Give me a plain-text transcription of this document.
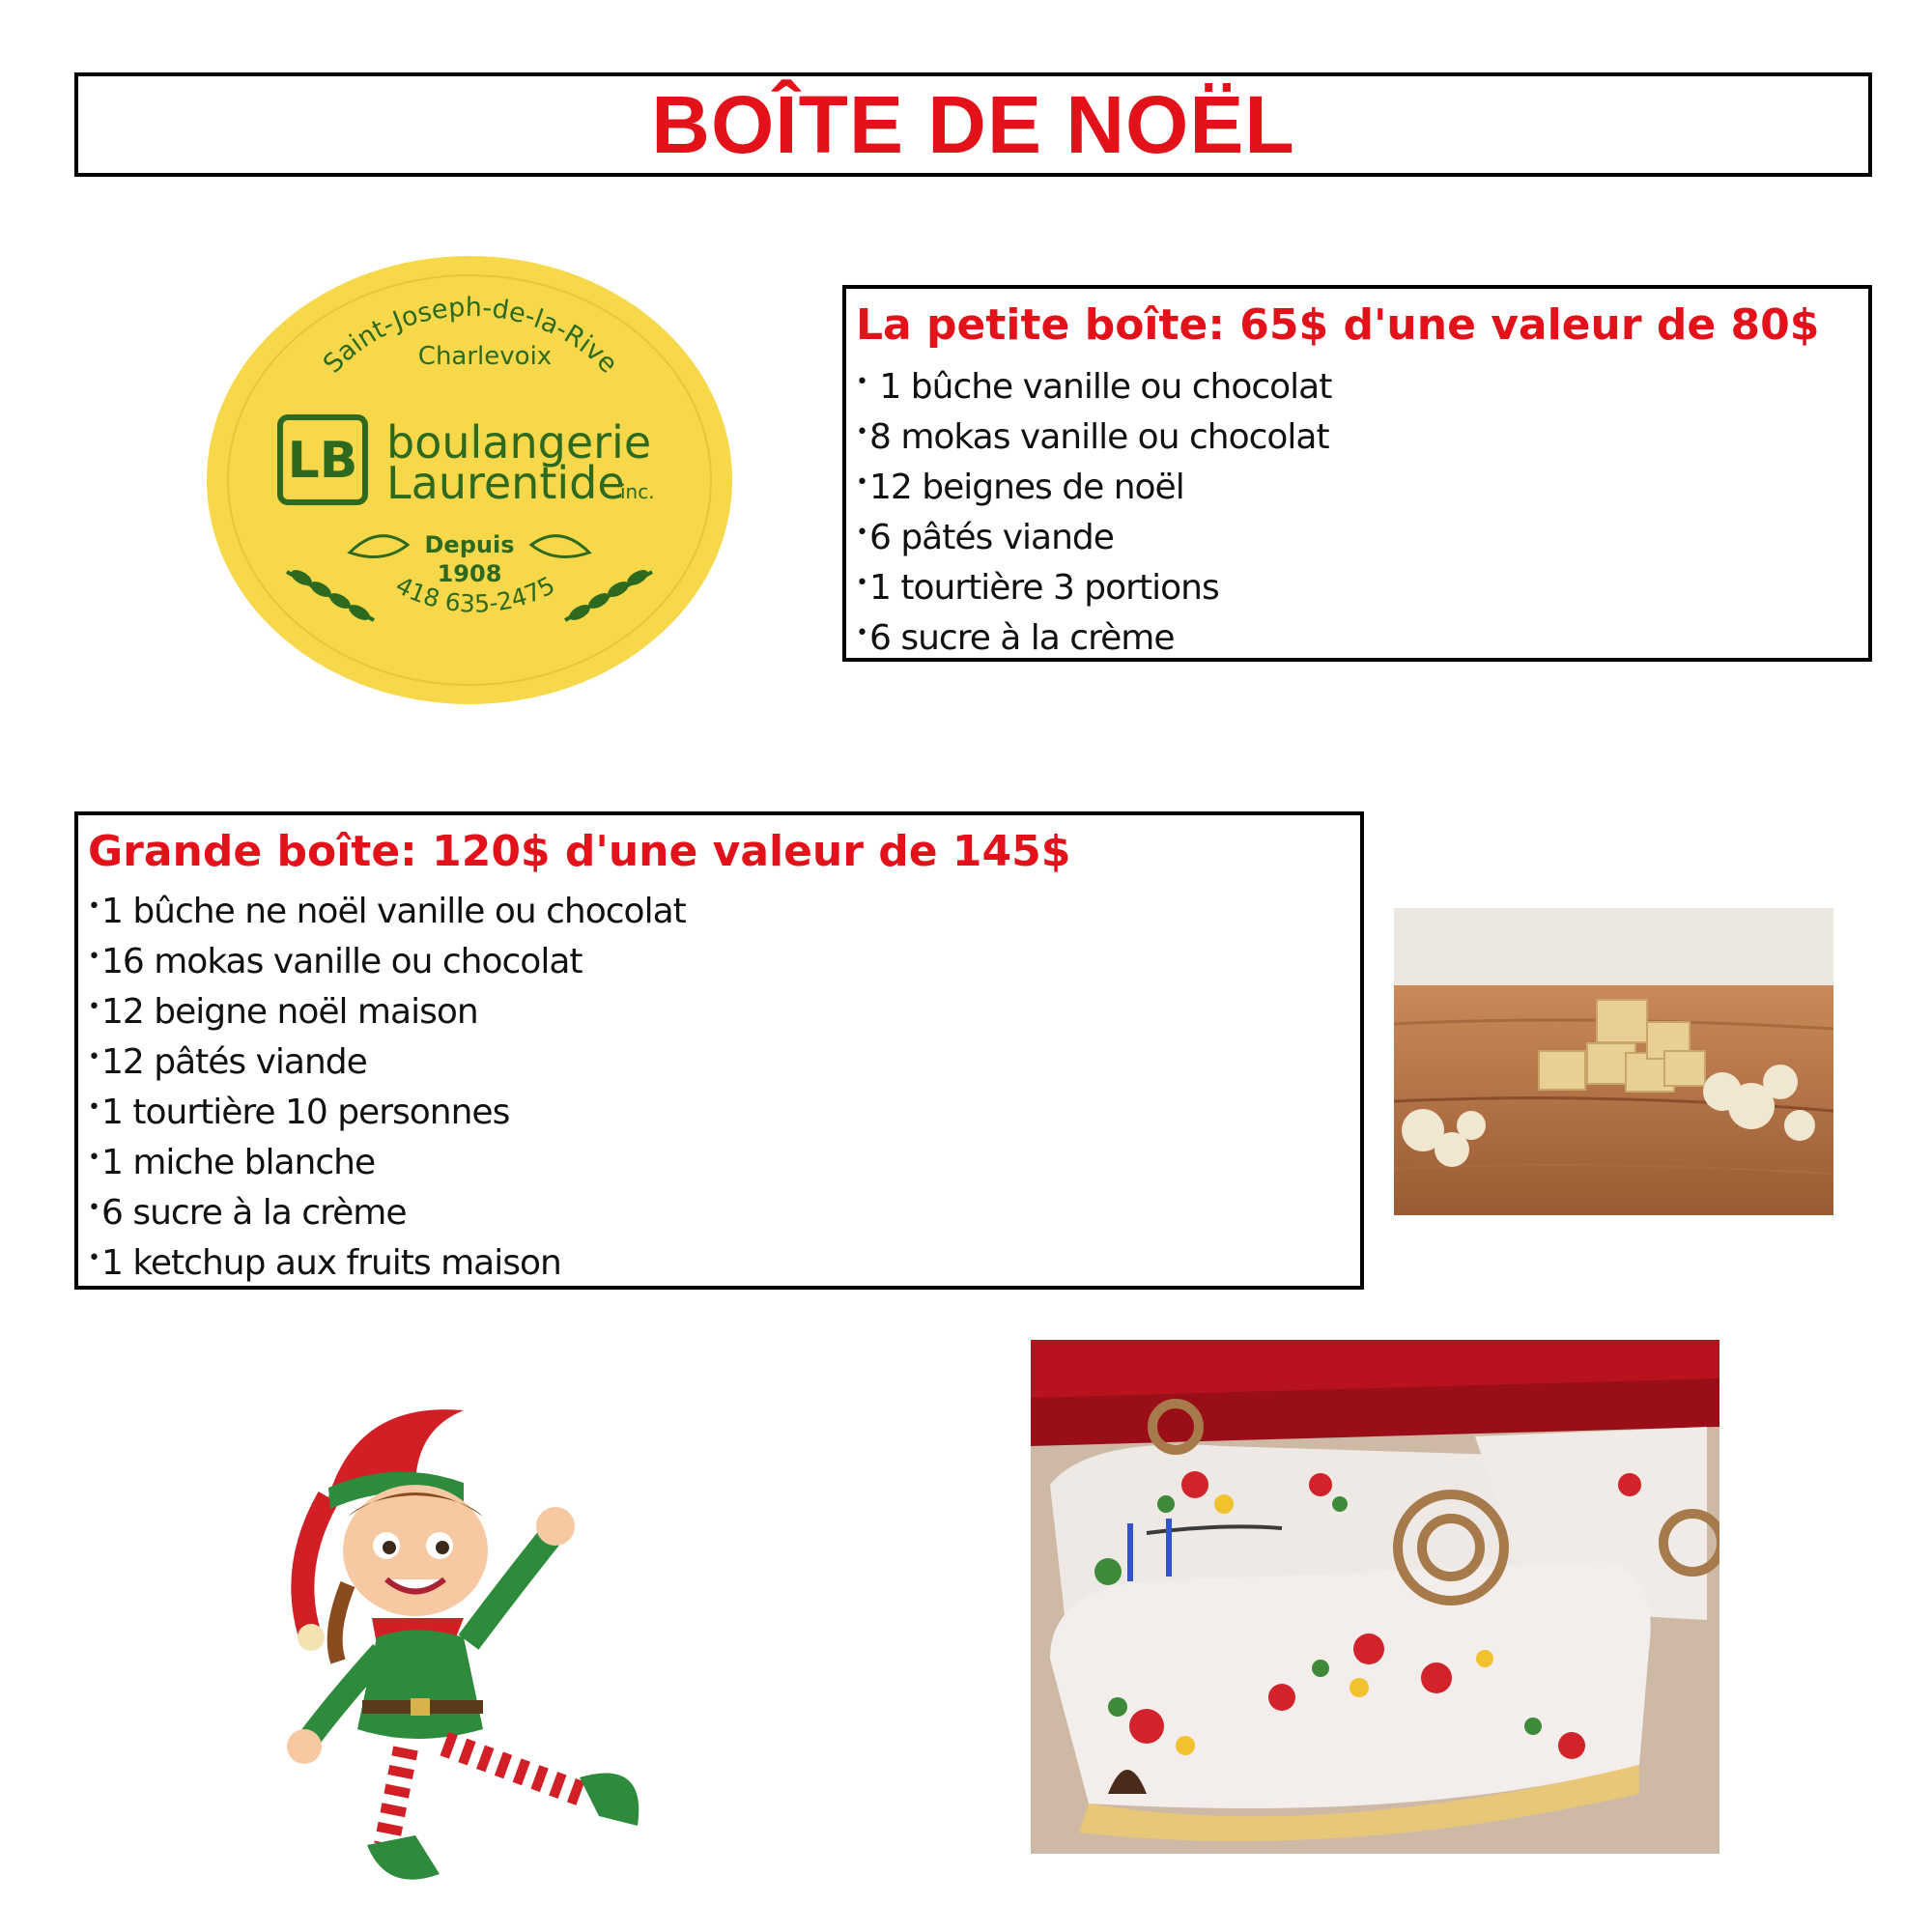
BOÎTE DE NOËL
Saint-Joseph-de-la-Rive
Charlevoix
LB boulangerie
Laurentide
inc.
Depuis
1908
418 635-2475
La petite boîte: 65$ d'une valeur de 80$
• 1 bûche vanille ou chocolat
• 8 mokas vanille ou chocolat
• 12 beignes de noël
• 6 pâtés viande
• 1 tourtière 3 portions
• 6 sucre à la crème
Grande boîte: 120$ d'une valeur de 145$
• 1 bûche ne noël vanille ou chocolat
• 16 mokas vanille ou chocolat
• 12 beigne noël maison
• 12 pâtés viande
• 1 tourtière 10 personnes
• 1 miche blanche
• 6 sucre à la crème
• 1 ketchup aux fruits maison
